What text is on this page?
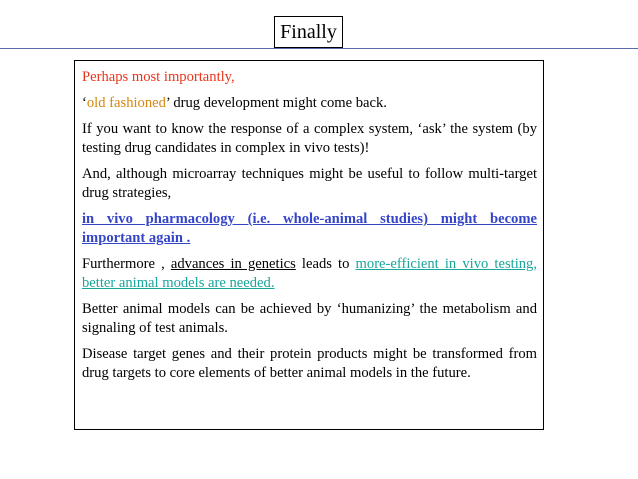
Finally

Perhaps most importantly,

‘old fashioned’ drug development might come back.

If you want to know the response of a complex system, ‘ask’ the system (by testing drug candidates in complex in vivo tests)!

And, although microarray techniques might be useful to follow multi-target drug strategies,

in vivo pharmacology (i.e. whole-animal studies) might become important again .

Furthermore , advances in genetics leads to more-efficient in vivo testing, better animal models are needed.

Better animal models can be achieved by ‘humanizing’ the metabolism and signaling of test animals.

Disease target genes and their protein products might be transformed from drug targets to core elements of better animal models in the future.
